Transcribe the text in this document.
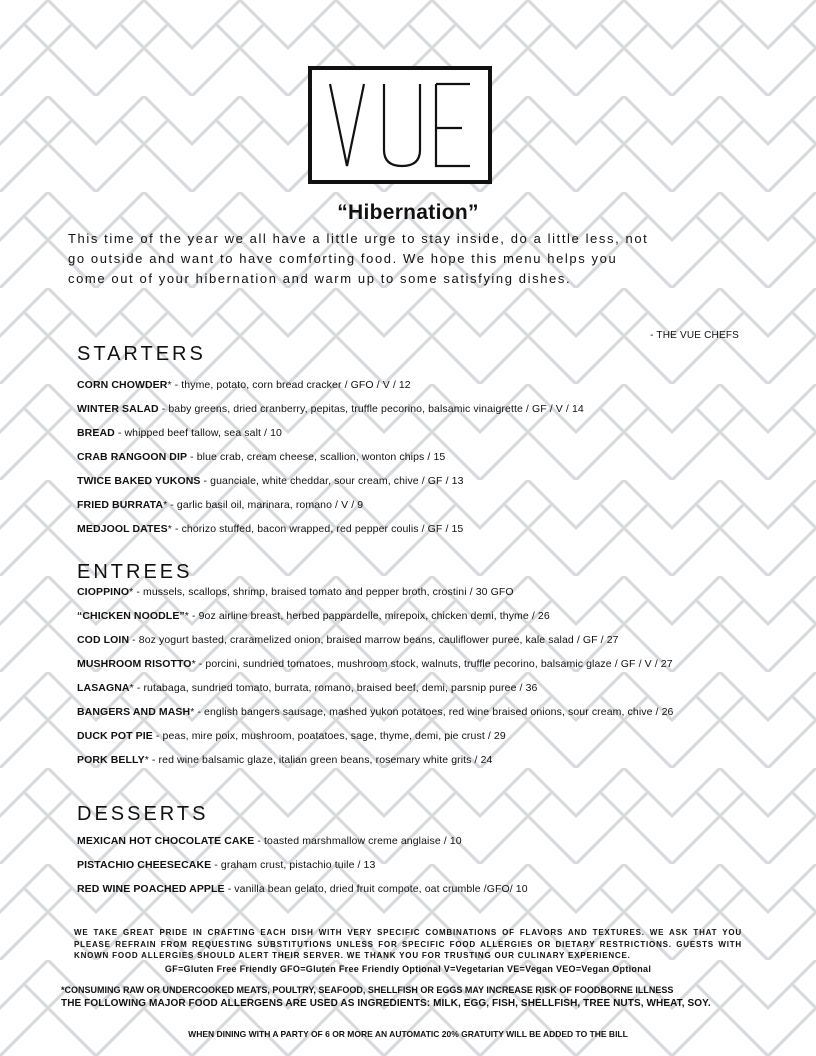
“Hibernation”
This time of the year we all have a little urge to stay inside, do a little less, not
go outside and want to have comforting food. We hope this menu helps you
come out of your hibernation and warm up to some satisfying dishes.
- THE VUE CHEFS
STARTERS
CORN CHOWDER* - thyme, potato, corn bread cracker / GFO / V / 12
WINTER SALAD - baby greens, dried cranberry, pepitas, truffle pecorino, balsamic vinaigrette / GF / V / 14
BREAD - whipped beef tallow, sea salt / 10
CRAB RANGOON DIP - blue crab, cream cheese, scallion, wonton chips / 15
TWICE BAKED YUKONS - guanciale, white cheddar, sour cream, chive / GF / 13
FRIED BURRATA* - garlic basil oil, marinara, romano / V / 9
MEDJOOL DATES* - chorizo stuffed, bacon wrapped, red pepper coulis / GF / 15
ENTREES
CIOPPINO* - mussels, scallops, shrimp, braised tomato and pepper broth, crostini / 30 GFO
“CHICKEN NOODLE”* - 9oz airline breast, herbed pappardelle, mirepoix, chicken demi, thyme / 26
COD LOIN - 8oz yogurt basted, craramelized onion, braised marrow beans, cauliflower puree, kale salad / GF / 27
MUSHROOM RISOTTO* - porcini, sundried tomatoes, mushroom stock, walnuts, truffle pecorino, balsamic glaze / GF / V / 27
LASAGNA* - rutabaga, sundried tomato, burrata, romano, braised beef, demi, parsnip puree / 36
BANGERS AND MASH* - english bangers sausage, mashed yukon potatoes, red wine braised onions, sour cream, chive / 26
DUCK POT PIE - peas, mire poix, mushroom, poatatoes, sage, thyme, demi, pie crust / 29
PORK BELLY* - red wine balsamic glaze, italian green beans, rosemary white grits / 24
DESSERTS
MEXICAN HOT CHOCOLATE CAKE - toasted marshmallow creme anglaise / 10
PISTACHIO CHEESECAKE - graham crust, pistachio tuile / 13
RED WINE POACHED APPLE - vanilla bean gelato, dried fruit compote, oat crumble /GFO/ 10
WE TAKE GREAT PRIDE IN CRAFTING EACH DISH WITH VERY SPECIFIC COMBINATIONS OF FLAVORS AND TEXTURES. WE ASK THAT YOU PLEASE REFRAIN FROM REQUESTING SUBSTITUTIONS UNLESS FOR SPECIFIC FOOD ALLERGIES OR DIETARY RESTRICTIONS. GUESTS WITH KNOWN FOOD ALLERGIES SHOULD ALERT THEIR SERVER. WE THANK YOU FOR TRUSTING OUR CULINARY EXPERIENCE.
GF=Gluten Free Friendly GFO=Gluten Free Friendly Optional V=Vegetarian VE=Vegan VEO=Vegan Optional
*CONSUMING RAW OR UNDERCOOKED MEATS, POULTRY, SEAFOOD, SHELLFISH OR EGGS MAY INCREASE RISK OF FOODBORNE ILLNESS
THE FOLLOWING MAJOR FOOD ALLERGENS ARE USED AS INGREDIENTS: MILK, EGG, FISH, SHELLFISH, TREE NUTS, WHEAT, SOY.
WHEN DINING WITH A PARTY OF 6 OR MORE AN AUTOMATIC 20% GRATUITY WILL BE ADDED TO THE BILL
